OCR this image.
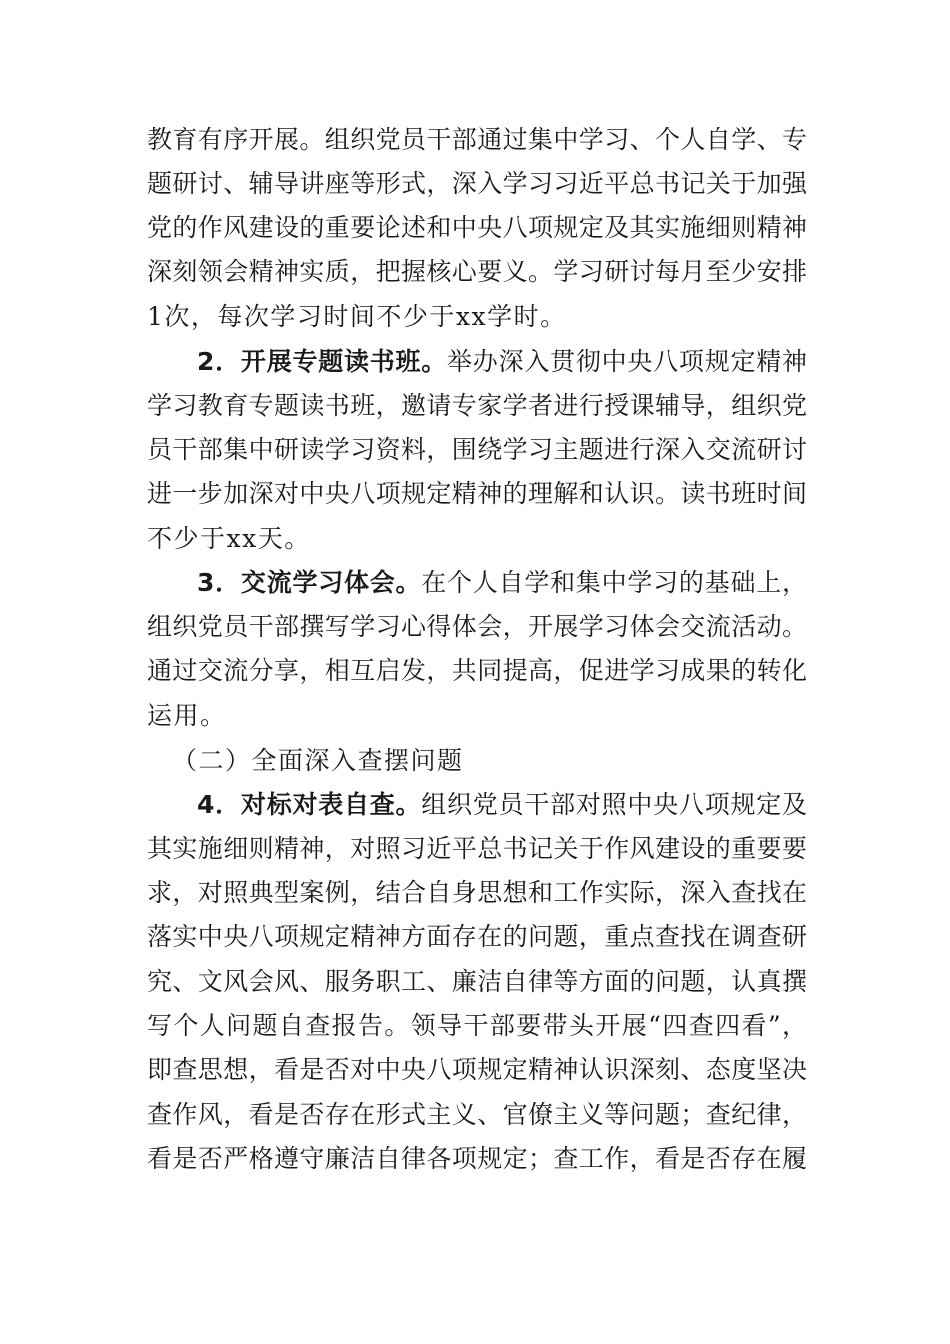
教育有序开展。组织党员干部通过集中学习、个人自学、专
题研讨、辅导讲座等形式，深入学习习近平总书记关于加强
党的作风建设的重要论述和中央八项规定及其实施细则精神
深刻领会精神实质，把握核心要义。学习研讨每月至少安排
1次，每次学习时间不少于xx学时。
2．开展专题读书班。举办深入贯彻中央八项规定精神
学习教育专题读书班，邀请专家学者进行授课辅导，组织党
员干部集中研读学习资料，围绕学习主题进行深入交流研讨
进一步加深对中央八项规定精神的理解和认识。读书班时间
不少于xx天。
3．交流学习体会。在个人自学和集中学习的基础上，
组织党员干部撰写学习心得体会，开展学习体会交流活动。
通过交流分享，相互启发，共同提高，促进学习成果的转化
运用。
（二）全面深入查摆问题
4．对标对表自查。组织党员干部对照中央八项规定及
其实施细则精神，对照习近平总书记关于作风建设的重要要
求，对照典型案例，结合自身思想和工作实际，深入查找在
落实中央八项规定精神方面存在的问题，重点查找在调查研
究、文风会风、服务职工、廉洁自律等方面的问题，认真撰
写个人问题自查报告。领导干部要带头开展“四查四看”，
即查思想，看是否对中央八项规定精神认识深刻、态度坚决
查作风，看是否存在形式主义、官僚主义等问题；查纪律，
看是否严格遵守廉洁自律各项规定；查工作，看是否存在履
